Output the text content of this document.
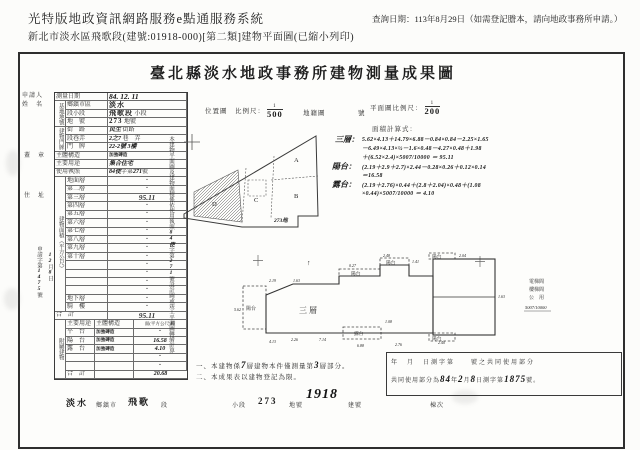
光特版地政資訊網路服務e點通服務系統	查詢日期：113年8月29日（如需登記謄本，請向地政事務所申請。）
新北市淡水區飛歌段(建號:01918-000)[第二類]建物平面圖(已縮小列印)
臺北縣淡水地政事務所建物測量成果圖
申請人
姓　名
蓋　章
住　址
申請字第1475號
12月8日
測量日期	84. 12. 11
基地地號 鄉鎮市區	淡水
段小段	飛歌段
小段
地　號	273
地號
建物門牌 街　路	民生
街路
段巷弄	2之7
巷　弄
門　牌	22-2號
3樓
主體構造	加強磚造
主要用途	集合住宅
使用執照	84使 字第 271 號
建物面積（平方公尺）
地面層	・
第二層	・
第三層	95.11
第四層	・
第五層	・
第六層	・
第七層	・
第八層	・
第九層	・
第十層	・
・
・
・
・
地下層	・
騎　樓	・
合　計	95.11
附屬建物
主要用途 主體構造	面(平方公尺)積
平　台	加強磚造	・
陽　台	加強磚造	16.58
露　台	加強磚造	4.10
・
・
合　計	20.68
本建物平面圖及建物面積係依使用執照84使字第271號設計圖或竣工平面圖轉繪計算
位置圖　比例尺： $\frac{1}{500}$	地籍圖	號
A
B
C
D
273地
平面圖比例尺： $\frac{1}{200}$
面積計算式：
三層： 5.62×4.13＋14.79×6.88－0.84×0.84－2.25×1.65
－6.49×4.13×½－1.6×0.48－4.27×0.48＋1.98
＋(6.52×2.4)×5007/10000 ＝ 95.11
陽台： (2.19＋2.9＋2.7)×2.44－0.28×0.26＋0.12×0.14
＝16.58
露台： (2.19＋2.76)×0.44＋(2.8＋2.04)×0.48＋(1.08
×0.44)×5007/10000 ＝ 4.10
↑
三層
陽台
陽台
陽台
陽台
陽台
露台
電梯間
樓梯間
公　用
5007/10000
2.19	1.63
0.27
2.48
1.41
2.04
5.62
4.13	2.26
6.88
1.08
2.76
7.14
1.63
2.40
一、本建物係7層建物本件僅測量第3層部分。
二、本成果表以建物登記為限。
年　月　日測字第　　號之共同使用部分
共同使用部分為84年2月8日測字第1875號。
淡水 鄉鎮市 飛歌 段	小段 273 地號
1918
建號	棟次
